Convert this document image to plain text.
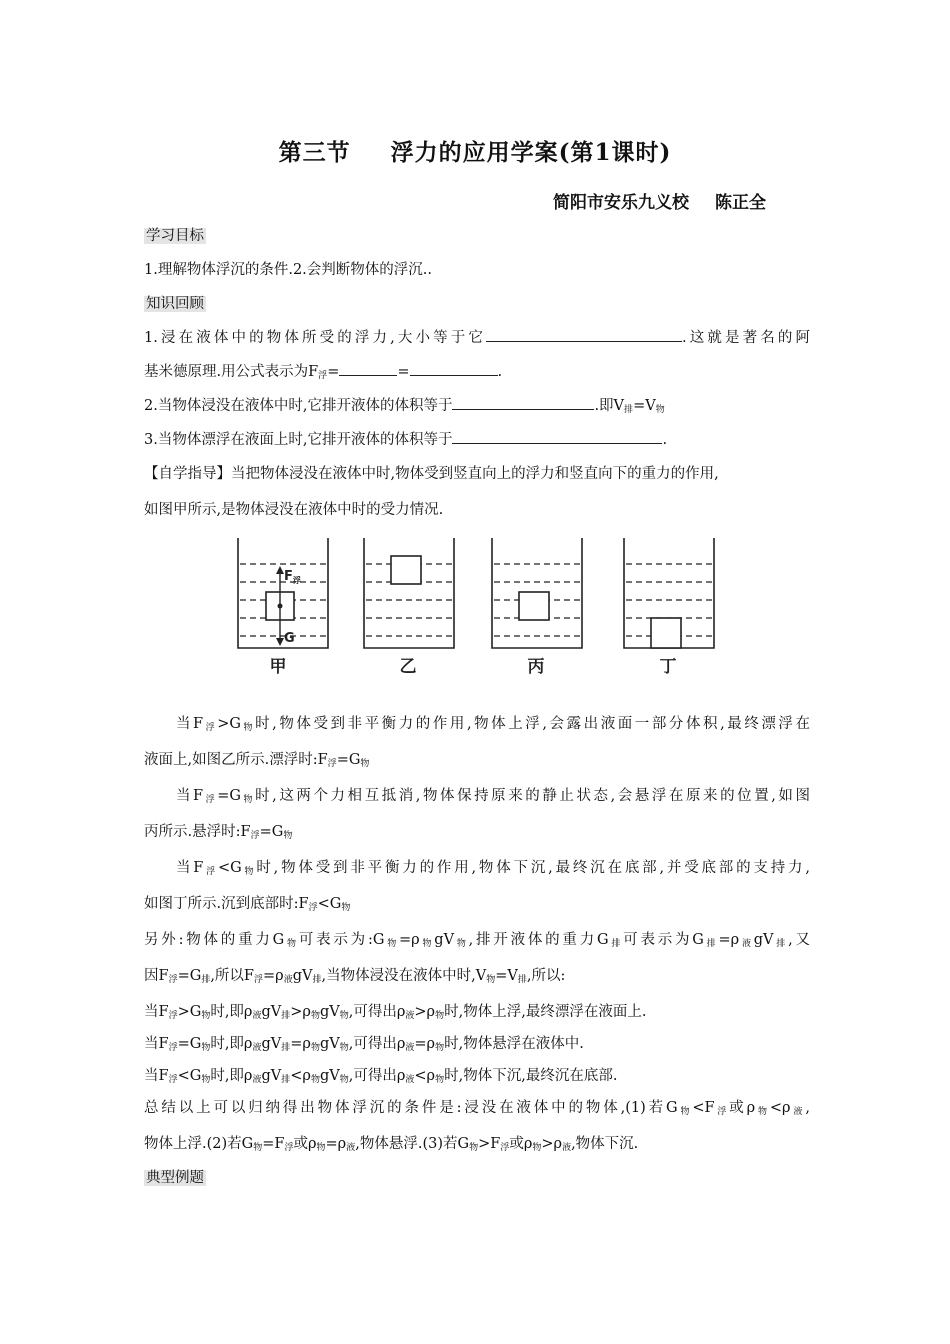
第三节 浮力的应用学案(第1课时)
简阳市安乐九义校 陈正全
学习目标
1.理解物体浮沉的条件.2.会判断物体的浮沉..
知识回顾
1.浸在液体中的物体所受的浮力,大小等于它	.这就是著名的阿
基米德原理.用公式表示为$F_浮=$	=	.
2.当物体浸没在液体中时,它排开液体的体积等于	.即$V_排=V_物$
3.当物体漂浮在液面上时,它排开液体的体积等于	.
【自学指导】当把物体浸没在液体中时,物体受到竖直向上的浮力和竖直向下的重力的作用,
如图甲所示,是物体浸没在液体中时的受力情况.
$F_浮$
G
甲	乙	丙	丁
当$F_浮>G_物$时,物体受到非平衡力的作用,物体上浮,会露出液面一部分体积,最终漂浮在
液面上,如图乙所示.漂浮时$:F_浮=G_物$
当$F_浮=G_物$时,这两个力相互抵消,物体保持原来的静止状态,会悬浮在原来的位置,如图
丙所示.悬浮时$:F_浮=G_物$
当$F_浮<G_物$时,物体受到非平衡力的作用,物体下沉,最终沉在底部,并受底部的支持力,
如图丁所示.沉到底部时$:F_浮<G_物$
另外:物体的重力$G_物$可表示为$:G_物=\rho_物gV_物$,排开液体的重力$G_排$可表示为$G_排=\rho_液gV_排$,又
因$F_浮=G_排$,所以$F_浮=\rho_液gV_排$,当物体浸没在液体中时$,V_物=V_排$,所以:
当$F_浮>G_物$时,即$\rho_液gV_排>\rho_物gV_物$,可得出$\rho_液>\rho_物$时,物体上浮,最终漂浮在液面上.
当$F_浮=G_物$时,即$\rho_液gV_排=\rho_物gV_物$,可得出$\rho_液=\rho_物$时,物体悬浮在液体中.
当$F_浮<G_物$时,即$\rho_液gV_排<\rho_物gV_物$,可得出$\rho_液<\rho_物$时,物体下沉,最终沉在底部.
总结以上可以归纳得出物体浮沉的条件是:浸没在液体中的物体,(1)若$G_物<F_浮$或$\rho_物<\rho_液$,
物体上浮.(2)若$G_物=F_浮$或$\rho_物=\rho_液$,物体悬浮.(3)若$G_物>F_浮$或$\rho_物>\rho_液$,物体下沉.
典型例题
